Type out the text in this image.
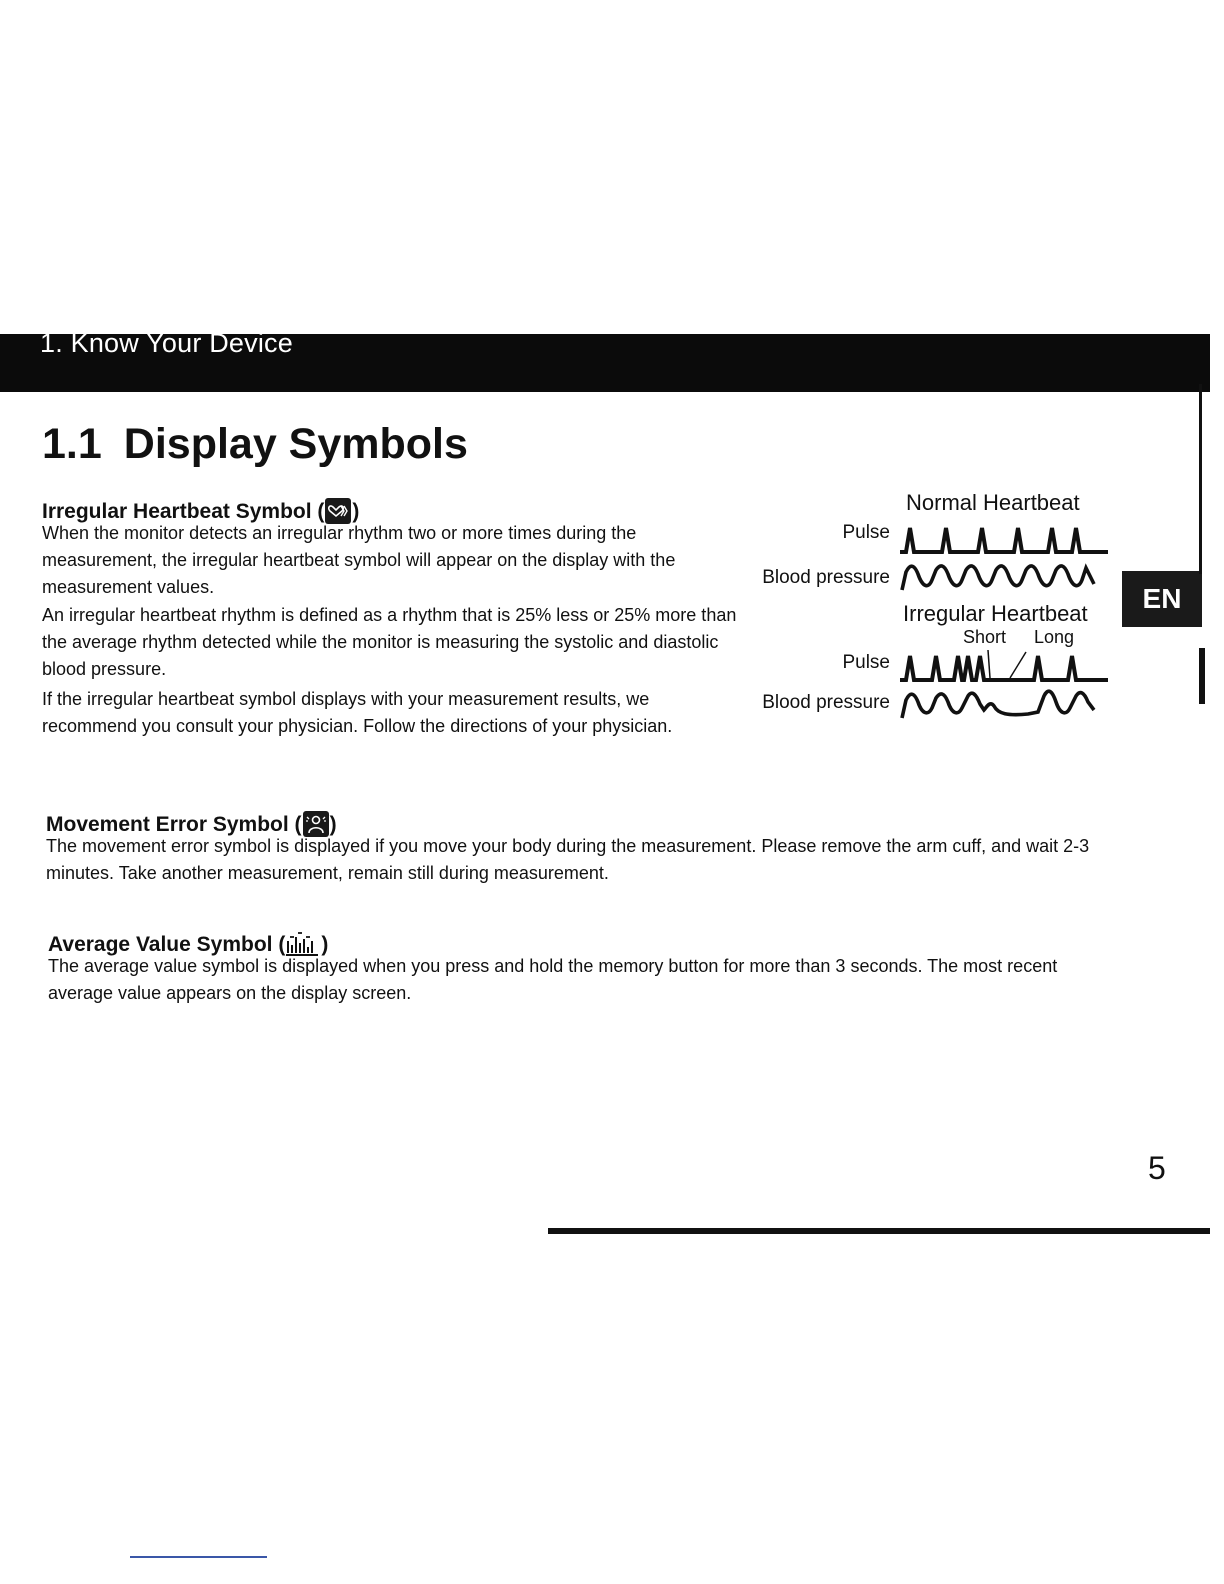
1. Know Your Device
1.1 Display Symbols
Irregular Heartbeat Symbol ( )

When the monitor detects an irregular rhythm two or more times during the measurement, the irregular heartbeat symbol will appear on the display with the measurement values.

An irregular heartbeat rhythm is defined as a rhythm that is 25% less or 25% more than the average rhythm detected while the monitor is measuring the systolic and diastolic blood pressure.

If the irregular heartbeat symbol displays with your measurement results, we recommend you consult your physician. Follow the directions of your physician.

Normal Heartbeat
Pulse
Blood pressure
Irregular Heartbeat
Short Long
Pulse
Blood pressure
EN
Movement Error Symbol ( )

The movement error symbol is displayed if you move your body during the measurement. Please remove the arm cuff, and wait 2-3 minutes. Take another measurement, remain still during measurement.

Average Value Symbol ( )

The average value symbol is displayed when you press and hold the memory button for more than 3 seconds. The most recent average value appears on the display screen.

5
